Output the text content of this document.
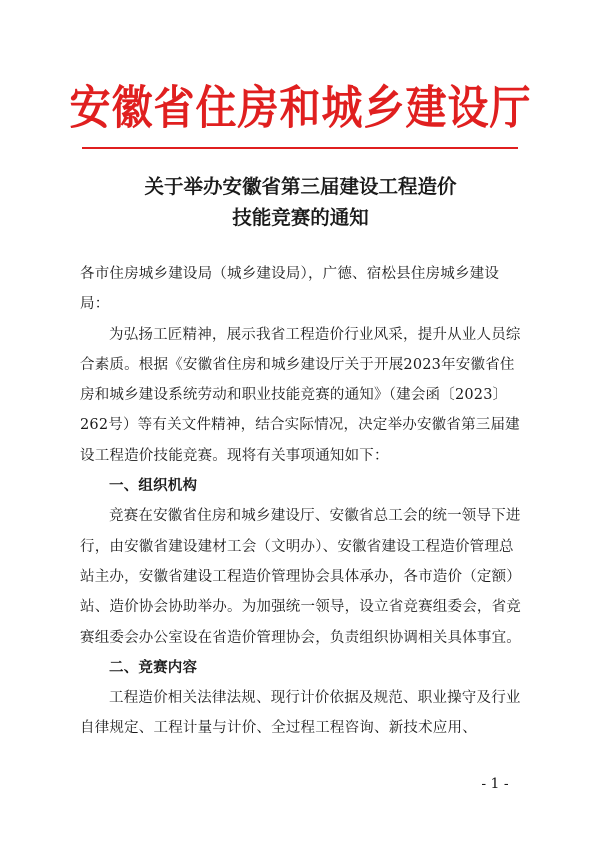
安徽省住房和城乡建设厅
关于举办安徽省第三届建设工程造价
技能竞赛的通知

各市住房城乡建设局（城乡建设局），广德、宿松县住房城乡建设局：

为弘扬工匠精神，展示我省工程造价行业风采，提升从业人员综合素质。根据《安徽省住房和城乡建设厅关于开展2023年安徽省住房和城乡建设系统劳动和职业技能竞赛的通知》（建会函〔2023〕262号）等有关文件精神，结合实际情况，决定举办安徽省第三届建设工程造价技能竞赛。现将有关事项通知如下：

一、组织机构

竞赛在安徽省住房和城乡建设厅、安徽省总工会的统一领导下进行，由安徽省建设建材工会（文明办）、安徽省建设工程造价管理总站主办，安徽省建设工程造价管理协会具体承办，各市造价（定额）站、造价协会协助举办。为加强统一领导，设立省竞赛组委会，省竞赛组委会办公室设在省造价管理协会，负责组织协调相关具体事宜。

二、竞赛内容

工程造价相关法律法规、现行计价依据及规范、职业操守及行业自律规定、工程计量与计价、全过程工程咨询、新技术应用、

- 1 -
